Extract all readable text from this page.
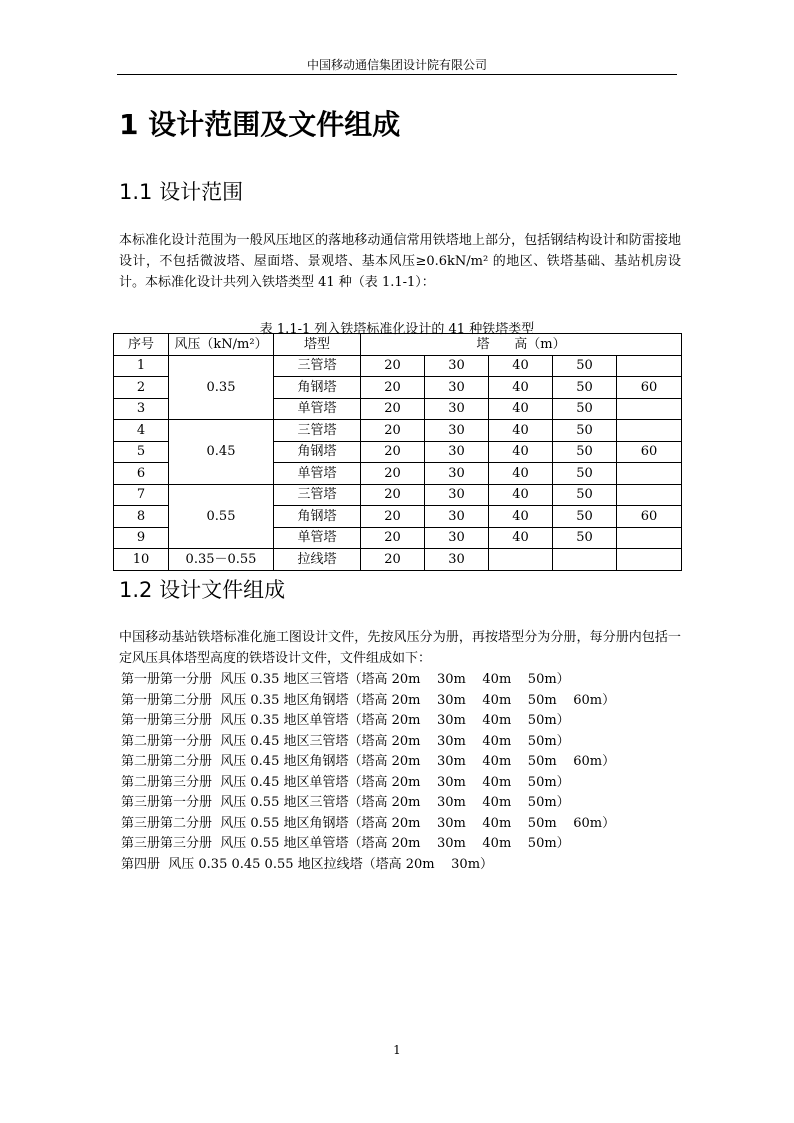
中国移动通信集团设计院有限公司
1 设计范围及文件组成
1.1 设计范围
本标准化设计范围为一般风压地区的落地移动通信常用铁塔地上部分，包括钢结构设计和防雷接地设计，不包括微波塔、屋面塔、景观塔、基本风压≥0.6kN/m² 的地区、铁塔基础、基站机房设计。本标准化设计共列入铁塔类型 41 种（表 1.1-1）：
表 1.1-1 列入铁塔标准化设计的 41 种铁塔类型
序号	风压（kN/m²）	塔型	塔      高（m）				
1	0.35	三管塔	20	30	40	50	
2		角钢塔	20	30	40	50	60
3		单管塔	20	30	40	50	
4	0.45	三管塔	20	30	40	50	
5		角钢塔	20	30	40	50	60
6		单管塔	20	30	40	50	
7	0.55	三管塔	20	30	40	50	
8		角钢塔	20	30	40	50	60
9		单管塔	20	30	40	50	
10	0.35－0.55	拉线塔	20	30			
1.2 设计文件组成
中国移动基站铁塔标准化施工图设计文件，先按风压分为册，再按塔型分为分册，每分册内包括一定风压具体塔型高度的铁塔设计文件，文件组成如下：
第一册第一分册  风压 0.35 地区三管塔（塔高 20m    30m    40m    50m）
第一册第二分册  风压 0.35 地区角钢塔（塔高 20m    30m    40m    50m    60m）
第一册第三分册  风压 0.35 地区单管塔（塔高 20m    30m    40m    50m）
第二册第一分册  风压 0.45 地区三管塔（塔高 20m    30m    40m    50m）
第二册第二分册  风压 0.45 地区角钢塔（塔高 20m    30m    40m    50m    60m）
第二册第三分册  风压 0.45 地区单管塔（塔高 20m    30m    40m    50m）
第三册第一分册  风压 0.55 地区三管塔（塔高 20m    30m    40m    50m）
第三册第二分册  风压 0.55 地区角钢塔（塔高 20m    30m    40m    50m    60m）
第三册第三分册  风压 0.55 地区单管塔（塔高 20m    30m    40m    50m）
第四册  风压 0.35 0.45 0.55 地区拉线塔（塔高 20m    30m）
1
